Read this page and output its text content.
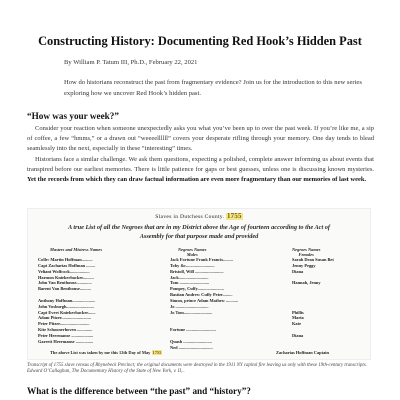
Constructing History: Documenting Red Hook’s Hidden Past
By William P. Tatum III, Ph.D., February 22, 2021
How do historians reconstruct the past from fragmentary evidence? Join us for the introduction to this new series exploring how we uncover Red Hook’s hidden past.
“How was your week?”

Consider your reaction when someone unexpectedly asks you what you’ve been up to over the past week. If you’re like me, a sip of coffee, a few “hmms,” or a drawn out “weeeellllll” covers your desperate rifling through your memory. One day tends to blead seamlessly into the next, especially in these “interesting” times.

Historians face a similar challenge. We ask them questions, expecting a polished, complete answer informing us about events that transpired before our earliest memories. There is little patience for gaps or best guesses, unless one is discussing known mysteries. Yet the records from which they can draw factual information are even more fragmentary than our memories of last week.

Slaves in Dutchess County. 1755
A true List of all the Negroes that are in my District above the Age of fourteen according to the Act of
Assembly for that purpose made and provided
Masters and Mistress Names	Negroes Names
Males
Negroes Names
Females
Colle: Martin Hoffman..........
Capt Zacharias Hoffman ........
Veliant Wolfcock..................
Harmon Kniekerbacker..........
John Van Benthouse..............
Barent Van Benthouse..........
Anthony Hoffman.....................
John Vosburgh.........................
Capt Evert Kniekerbacker.......
Adam Pitzer...........................
Peter Pitzer...........................
Kite Schoonerhoven ..............
Peter Heermanse ....................
Garrett Heermanse ................
Jack Fortune Frank Francis.........
Toby &c..........................
Bristoll, Will ..........................
Jack...........................
Tom ...........................
Pompey, Cuffy........................
Bastian Andrew Cuffy Peter.........
Simon, prince Adam Mathew ...........
Jo ..............................
Jo Tom..........................
Fortune ...........................
Quash ..........................
Ned ...............................
Sarah Dean Susan Bet
Jenny Peggy
Diana
Hannah, Jenny
Phillis
Maria
Kate
Diana
The above List was taken by me this 12th Day of May 1755	Zacharias Hoffman Captain
Transcript of 1755 slave census of Rhynebeck Precinct; the original documents were destroyed in the 1911 NY capitol fire leaving us only with these 19th-century transcripts. Edward O’Callaghan, The Documentary History of the State of New York, v. II,..
What is the difference between “the past” and “history”?
